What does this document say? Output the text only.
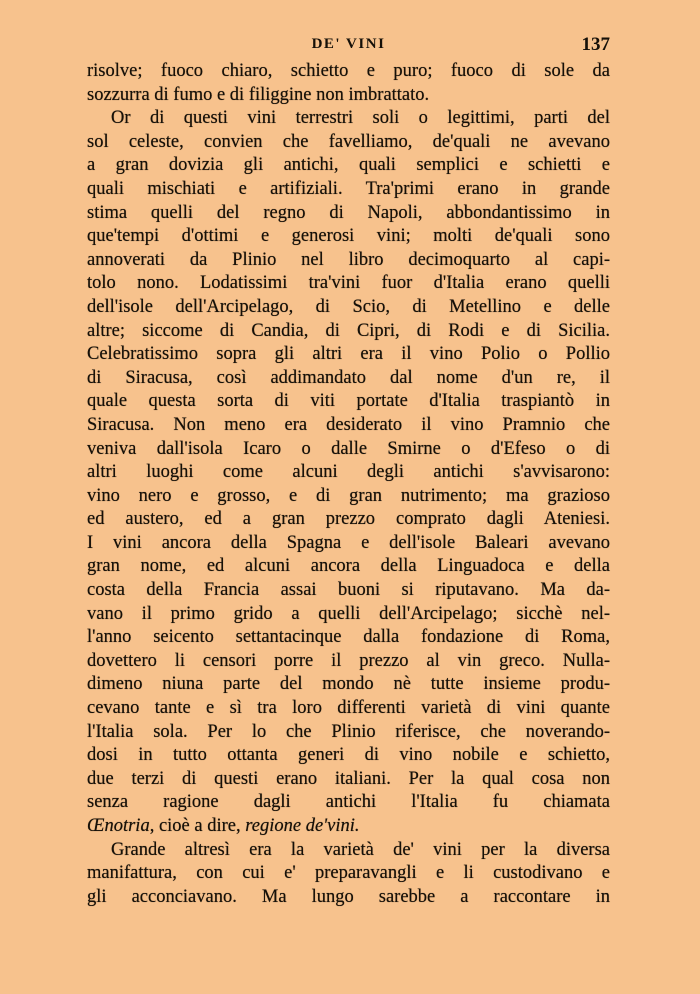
DE' VINI	137
risolve; fuoco chiaro, schietto e puro; fuoco di sole da
sozzurra di fumo e di filiggine non imbrattato.
Or di questi vini terrestri soli o legittimi, parti del
sol celeste, convien che favelliamo, de'quali ne avevano
a gran dovizia gli antichi, quali semplici e schietti e
quali mischiati e artifiziali. Tra'primi erano in grande
stima quelli del regno di Napoli, abbondantissimo in
que'tempi d'ottimi e generosi vini; molti de'quali sono
annoverati da Plinio nel libro decimoquarto al capi-
tolo nono. Lodatissimi tra'vini fuor d'Italia erano quelli
dell'isole dell'Arcipelago, di Scio, di Metellino e delle
altre; siccome di Candia, di Cipri, di Rodi e di Sicilia.
Celebratissimo sopra gli altri era il vino Polio o Pollio
di Siracusa, così addimandato dal nome d'un re, il
quale questa sorta di viti portate d'Italia traspiantò in
Siracusa. Non meno era desiderato il vino Pramnio che
veniva dall'isola Icaro o dalle Smirne o d'Efeso o di
altri luoghi come alcuni degli antichi s'avvisarono:
vino nero e grosso, e di gran nutrimento; ma grazioso
ed austero, ed a gran prezzo comprato dagli Ateniesi.
I vini ancora della Spagna e dell'isole Baleari avevano
gran nome, ed alcuni ancora della Linguadoca e della
costa della Francia assai buoni si riputavano. Ma da-
vano il primo grido a quelli dell'Arcipelago; sicchè nel-
l'anno seicento settantacinque dalla fondazione di Roma,
dovettero li censori porre il prezzo al vin greco. Nulla-
dimeno niuna parte del mondo nè tutte insieme produ-
cevano tante e sì tra loro differenti varietà di vini quante
l'Italia sola. Per lo che Plinio riferisce, che noverando-
dosi in tutto ottanta generi di vino nobile e schietto,
due terzi di questi erano italiani. Per la qual cosa non
senza ragione dagli antichi l'Italia fu chiamata
Œnotria, cioè a dire, regione de'vini.
Grande altresì era la varietà de' vini per la diversa
manifattura, con cui e' preparavangli e li custodivano e
gli acconciavano. Ma lungo sarebbe a raccontare in
